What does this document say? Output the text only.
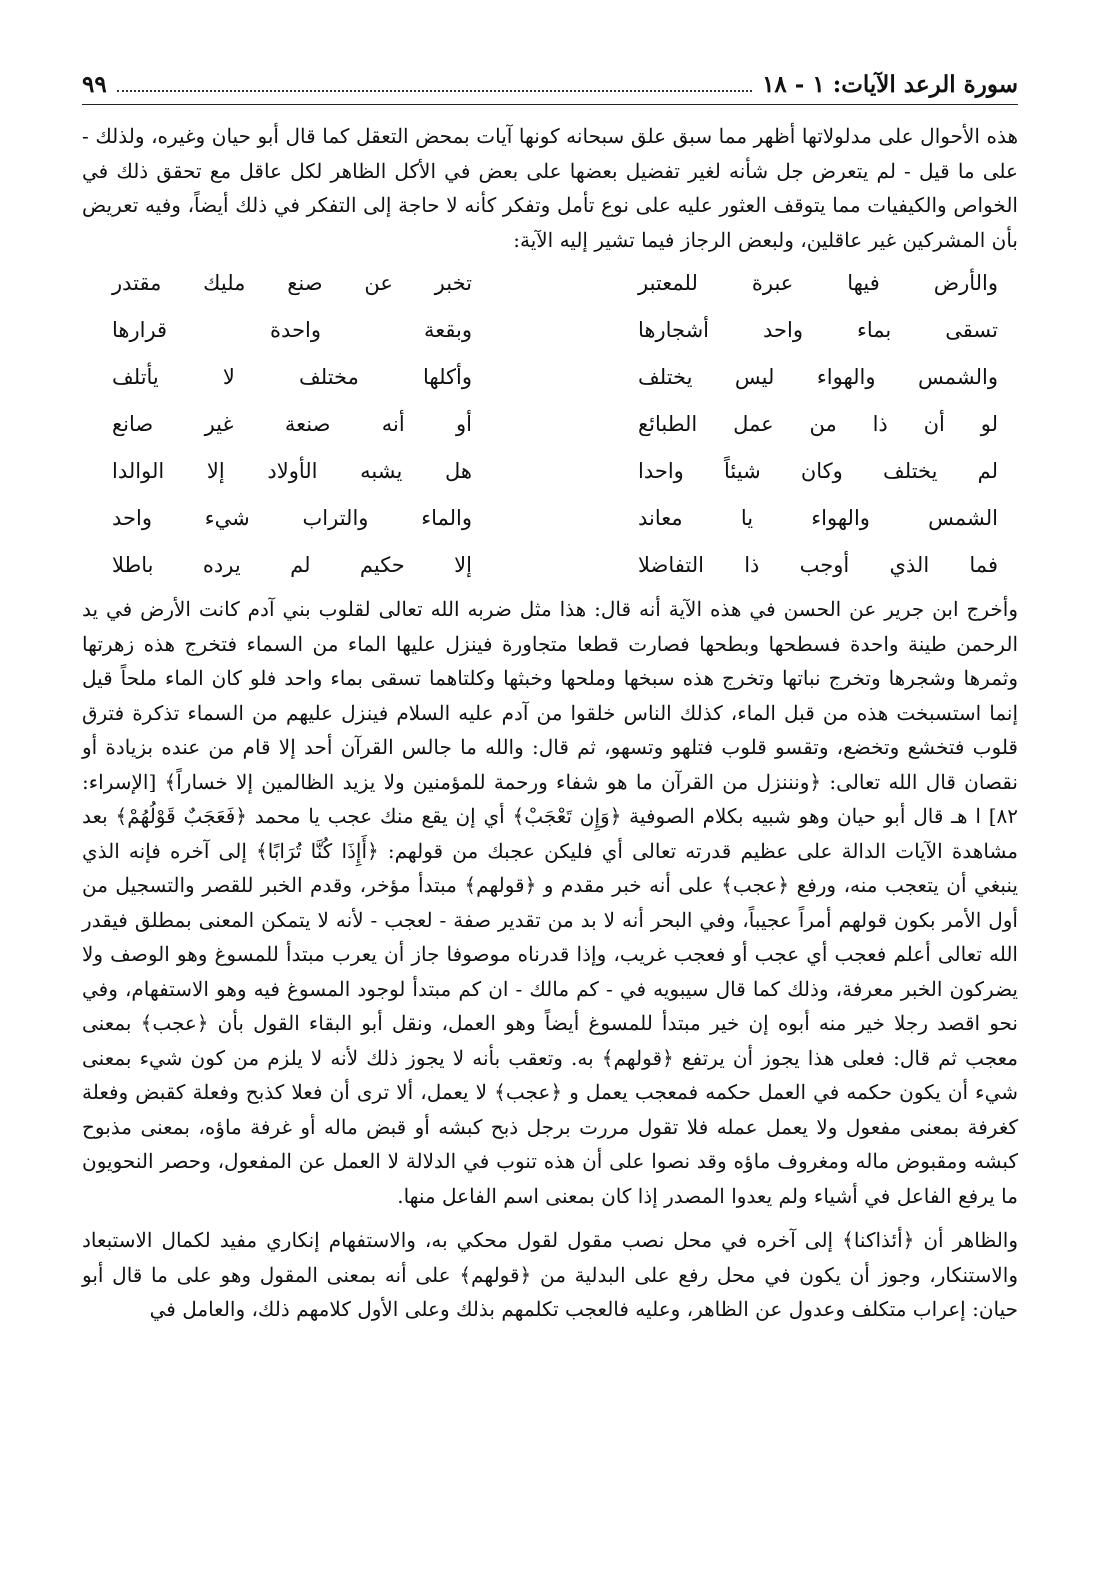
سورة الرعد الآيات: ١ - ١٨
٩٩

هذه الأحوال على مدلولاتها أظهر مما سبق علق سبحانه كونها آيات بمحض التعقل كما قال أبو حيان وغيره، ولذلك - على ما قيل - لم يتعرض جل شأنه لغير تفضيل بعضها على بعض في الأكل الظاهر لكل عاقل مع تحقق ذلك في الخواص والكيفيات مما يتوقف العثور عليه على نوع تأمل وتفكر كأنه لا حاجة إلى التفكر في ذلك أيضاً، وفيه تعريض بأن المشركين غير عاقلين، ولبعض الرجاز فيما تشير إليه الآية:

والأرض فيها عبرة للمعتبر
تخبر عن صنع مليك مقتدر
تسقى بماء واحد أشجارها
وبقعة واحدة قرارها
والشمس والهواء ليس يختلف
وأكلها مختلف لا يأتلف
لو أن ذا من عمل الطبائع
أو أنه صنعة غير صانع
لم يختلف وكان شيئاً واحدا
هل يشبه الأولاد إلا الوالدا
الشمس والهواء يا معاند
والماء والتراب شيء واحد
فما الذي أوجب ذا التفاضلا
إلا حكيم لم يرده باطلا

وأخرج ابن جرير عن الحسن في هذه الآية أنه قال: هذا مثل ضربه الله تعالى لقلوب بني آدم كانت الأرض في يد الرحمن طينة واحدة فسطحها وبطحها فصارت قطعا متجاورة فينزل عليها الماء من السماء فتخرج هذه زهرتها وثمرها وشجرها وتخرج نباتها وتخرج هذه سبخها وملحها وخبثها وكلتاهما تسقى بماء واحد فلو كان الماء ملحاً قيل إنما استسبخت هذه من قبل الماء، كذلك الناس خلقوا من آدم عليه السلام فينزل عليهم من السماء تذكرة فترق قلوب فتخشع وتخضع، وتقسو قلوب فتلهو وتسهو، ثم قال: والله ما جالس القرآن أحد إلا قام من عنده بزيادة أو نقصان قال الله تعالى: ﴿ونننزل من القرآن ما هو شفاء ورحمة للمؤمنين ولا يزيد الظالمين إلا خساراً﴾ [الإسراء: ٨٢] ا هـ قال أبو حيان وهو شبيه بكلام الصوفية ﴿وَإِن تَعْجَبْ﴾ أي إن يقع منك عجب يا محمد ﴿فَعَجَبٌ قَوْلُهُمْ﴾ بعد مشاهدة الآيات الدالة على عظيم قدرته تعالى أي فليكن عجبك من قولهم: ﴿أَإِذَا كُنَّا تُرَابًا﴾ إلى آخره فإنه الذي ينبغي أن يتعجب منه، ورفع ﴿عجب﴾ على أنه خبر مقدم و ﴿قولهم﴾ مبتدأ مؤخر، وقدم الخبر للقصر والتسجيل من أول الأمر بكون قولهم أمراً عجيباً، وفي البحر أنه لا بد من تقدير صفة - لعجب - لأنه لا يتمكن المعنى بمطلق فيقدر الله تعالى أعلم فعجب أي عجب أو فعجب غريب، وإذا قدرناه موصوفا جاز أن يعرب مبتدأ للمسوغ وهو الوصف ولا يضركون الخبر معرفة، وذلك كما قال سيبويه في - كم مالك - ان كم مبتدأ لوجود المسوغ فيه وهو الاستفهام، وفي نحو اقصد رجلا خير منه أبوه إن خير مبتدأ للمسوغ أيضاً وهو العمل، ونقل أبو البقاء القول بأن ﴿عجب﴾ بمعنى معجب ثم قال: فعلى هذا يجوز أن يرتفع ﴿قولهم﴾ به. وتعقب بأنه لا يجوز ذلك لأنه لا يلزم من كون شيء بمعنى شيء أن يكون حكمه في العمل حكمه فمعجب يعمل و ﴿عجب﴾ لا يعمل، ألا ترى أن فعلا كذبح وفعلة كقبض وفعلة كغرفة بمعنى مفعول ولا يعمل عمله فلا تقول مررت برجل ذبح كبشه أو قبض ماله أو غرفة ماؤه، بمعنى مذبوح كبشه ومقبوض ماله ومغروف ماؤه وقد نصوا على أن هذه تنوب في الدلالة لا العمل عن المفعول، وحصر النحويون ما يرفع الفاعل في أشياء ولم يعدوا المصدر إذا كان بمعنى اسم الفاعل منها.

والظاهر أن ﴿أئذاكنا﴾ إلى آخره في محل نصب مقول لقول محكي به، والاستفهام إنكاري مفيد لكمال الاستبعاد والاستنكار، وجوز أن يكون في محل رفع على البدلية من ﴿قولهم﴾ على أنه بمعنى المقول وهو على ما قال أبو حيان: إعراب متكلف وعدول عن الظاهر، وعليه فالعجب تكلمهم بذلك وعلى الأول كلامهم ذلك، والعامل في
